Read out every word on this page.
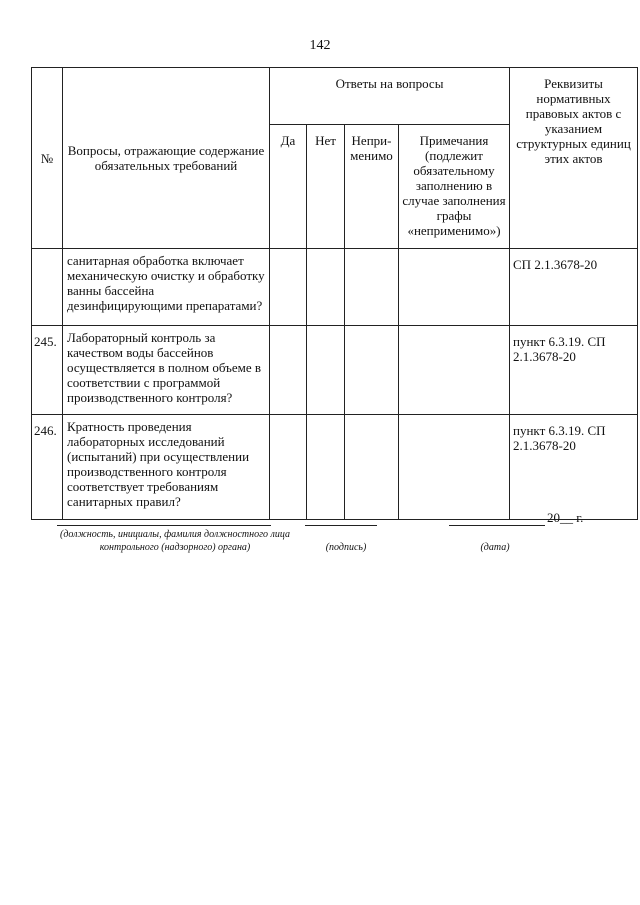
142
№	Вопросы, отражающие содержание обязательных требований	Ответы на вопросы				Реквизиты нормативных правовых актов с указанием структурных единиц этих актов
		Да	Нет	Непри-менимо	Примечания (подлежит обязательному заполнению в случае заполнения графы «неприменимо»)	
	санитарная обработка включает механическую очистку и обработку ванны бассейна дезинфицирующими препаратами?					СП 2.1.3678-20
245.	Лабораторный контроль за качеством воды бассейнов осуществляется в полном объеме в соответствии с программой производственного контроля?					пункт 6.3.19. СП 2.1.3678-20
246.	Кратность проведения лабораторных исследований (испытаний) при осуществлении производственного контроля соответствует требованиям санитарных правил?					пункт 6.3.19. СП 2.1.3678-20
(должность, инициалы, фамилия должностного лица контрольного (надзорного) органа)	(подпись)
20__ г.
(дата)
